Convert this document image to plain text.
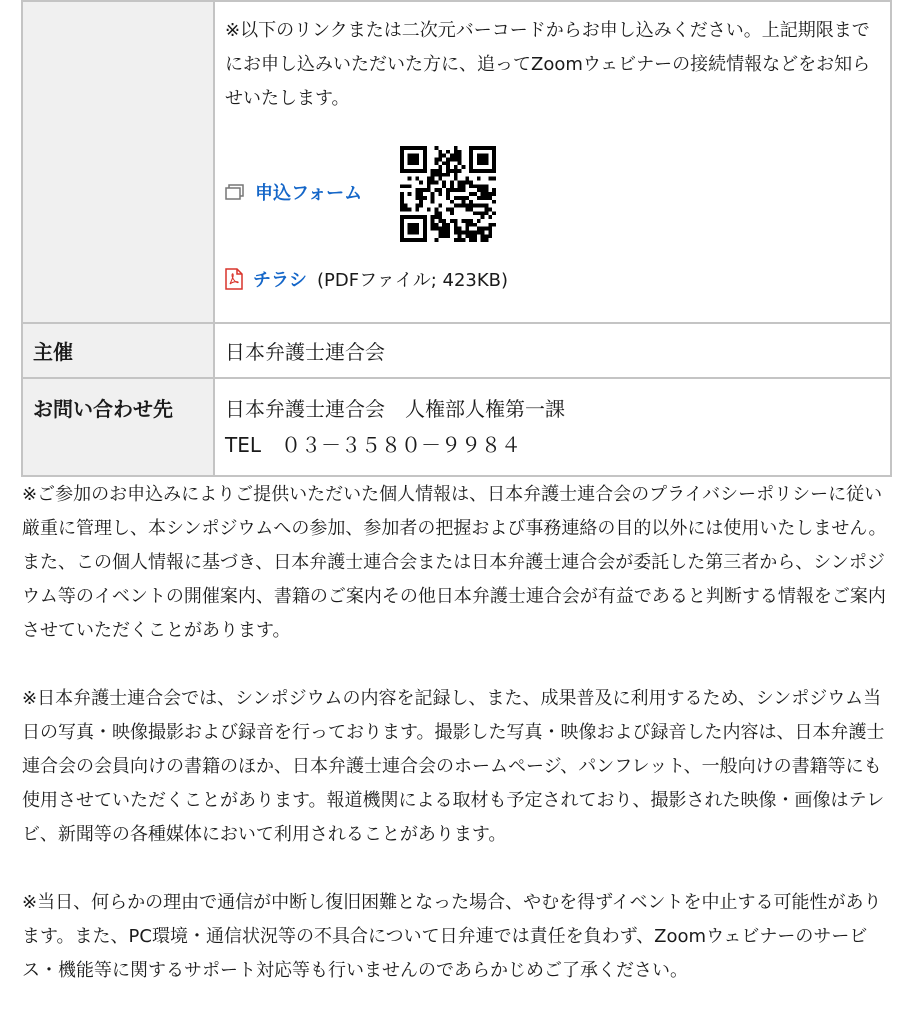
	※以下のリンクまたは二次元バーコードからお申し込みください。上記期限までにお申し込みいただいた方に、追ってZoomウェビナーの接続情報などをお知らせいたします。

申込フォーム
チラシ (PDFファイル; 423KB)

主催	日本弁護士連合会
お問い合わせ先	日本弁護士連合会　人権部人権第一課

TEL　０３－３５８０－９９８４

※ご参加のお申込みによりご提供いただいた個人情報は、日本弁護士連合会のプライバシーポリシーに従い厳重に管理し、本シンポジウムへの参加、参加者の把握および事務連絡の目的以外には使用いたしません。また、この個人情報に基づき、日本弁護士連合会または日本弁護士連合会が委託した第三者から、シンポジウム等のイベントの開催案内、書籍のご案内その他日本弁護士連合会が有益であると判断する情報をご案内させていただくことがあります。

※日本弁護士連合会では、シンポジウムの内容を記録し、また、成果普及に利用するため、シンポジウム当日の写真・映像撮影および録音を行っております。撮影した写真・映像および録音した内容は、日本弁護士連合会の会員向けの書籍のほか、日本弁護士連合会のホームページ、パンフレット、一般向けの書籍等にも使用させていただくことがあります。報道機関による取材も予定されており、撮影された映像・画像はテレビ、新聞等の各種媒体において利用されることがあります。

※当日、何らかの理由で通信が中断し復旧困難となった場合、やむを得ずイベントを中止する可能性があります。また、PC環境・通信状況等の不具合について日弁連では責任を負わず、Zoomウェビナーのサービス・機能等に関するサポート対応等も行いませんのであらかじめご了承ください。
